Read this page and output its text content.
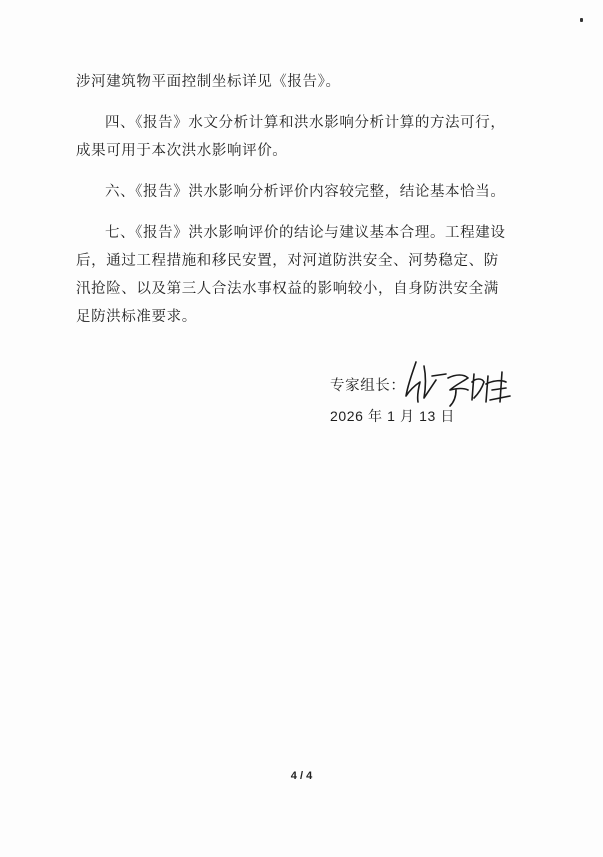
涉河建筑物平面控制坐标详见《报告》。
四、《报告》水文分析计算和洪水影响分析计算的方法可行，
成果可用于本次洪水影响评价。
六、《报告》洪水影响分析评价内容较完整，结论基本恰当。
七、《报告》洪水影响评价的结论与建议基本合理。工程建设
后，通过工程措施和移民安置，对河道防洪安全、河势稳定、防
汛抢险、以及第三人合法水事权益的影响较小，自身防洪安全满
足防洪标准要求。
专家组长：
2026 年 1 月 13 日
4 / 4
